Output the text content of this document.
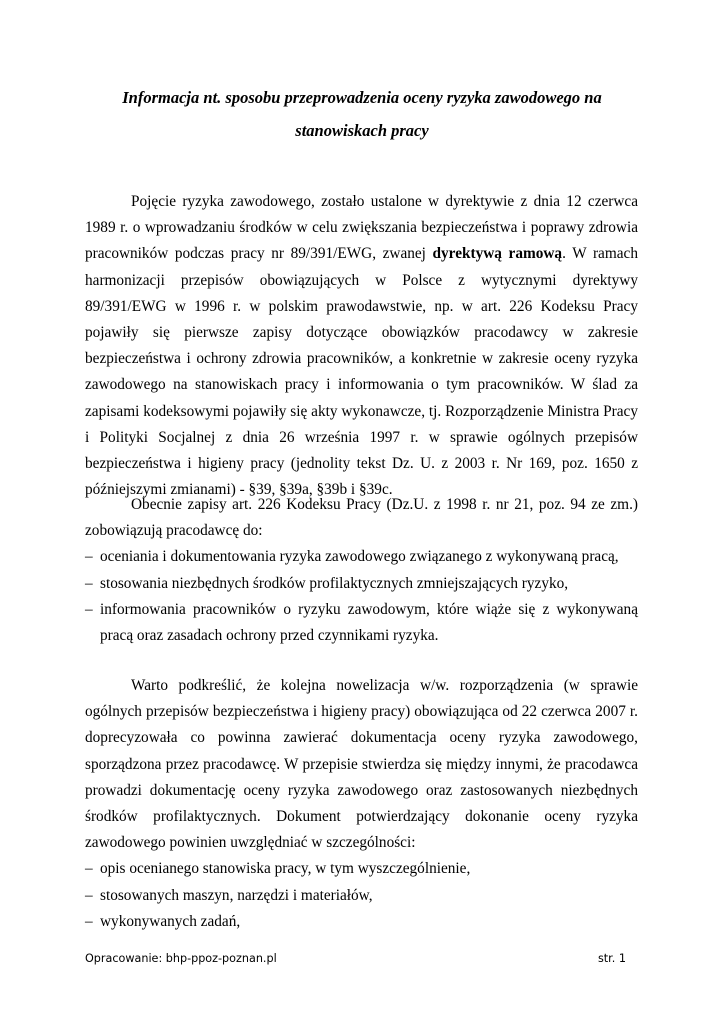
Informacja nt. sposobu przeprowadzenia oceny ryzyka zawodowego na
stanowiskach pracy

Pojęcie ryzyka zawodowego, zostało ustalone w dyrektywie z dnia 12 czerwca 1989 r. o wprowadzaniu środków w celu zwiększania bezpieczeństwa i poprawy zdrowia pracowników podczas pracy nr 89/391/EWG, zwanej dyrektywą ramową. W ramach harmonizacji przepisów obowiązujących w Polsce z wytycznymi dyrektywy 89/391/EWG w 1996 r. w polskim prawodawstwie, np. w art. 226 Kodeksu Pracy pojawiły się pierwsze zapisy dotyczące obowiązków pracodawcy w zakresie bezpieczeństwa i ochrony zdrowia pracowników, a konkretnie w zakresie oceny ryzyka zawodowego na stanowiskach pracy i informowania o tym pracowników. W ślad za zapisami kodeksowymi pojawiły się akty wykonawcze, tj. Rozporządzenie Ministra Pracy i Polityki Socjalnej z dnia 26 września 1997 r. w sprawie ogólnych przepisów bezpieczeństwa i higieny pracy (jednolity tekst Dz. U. z 2003 r. Nr 169, poz. 1650 z późniejszymi zmianami) - §39, §39a, §39b i §39c.

Obecnie zapisy art. 226 Kodeksu Pracy (Dz.U. z 1998 r. nr 21, poz. 94 ze zm.) zobowiązują pracodawcę do:

– oceniania i dokumentowania ryzyka zawodowego związanego z wykonywaną pracą,
– stosowania niezbędnych środków profilaktycznych zmniejszających ryzyko,
– informowania pracowników o ryzyku zawodowym, które wiąże się z wykonywaną pracą oraz zasadach ochrony przed czynnikami ryzyka.

Warto podkreślić, że kolejna nowelizacja w/w. rozporządzenia (w sprawie ogólnych przepisów bezpieczeństwa i higieny pracy) obowiązująca od 22 czerwca 2007 r. doprecyzowała co powinna zawierać dokumentacja oceny ryzyka zawodowego, sporządzona przez pracodawcę. W przepisie stwierdza się między innymi, że pracodawca prowadzi dokumentację oceny ryzyka zawodowego oraz zastosowanych niezbędnych środków profilaktycznych. Dokument potwierdzający dokonanie oceny ryzyka zawodowego powinien uwzględniać w szczególności:

– opis ocenianego stanowiska pracy, w tym wyszczególnienie,
– stosowanych maszyn, narzędzi i materiałów,
– wykonywanych zadań,
Opracowanie: bhp-ppoz-poznan.pl	str. 1
